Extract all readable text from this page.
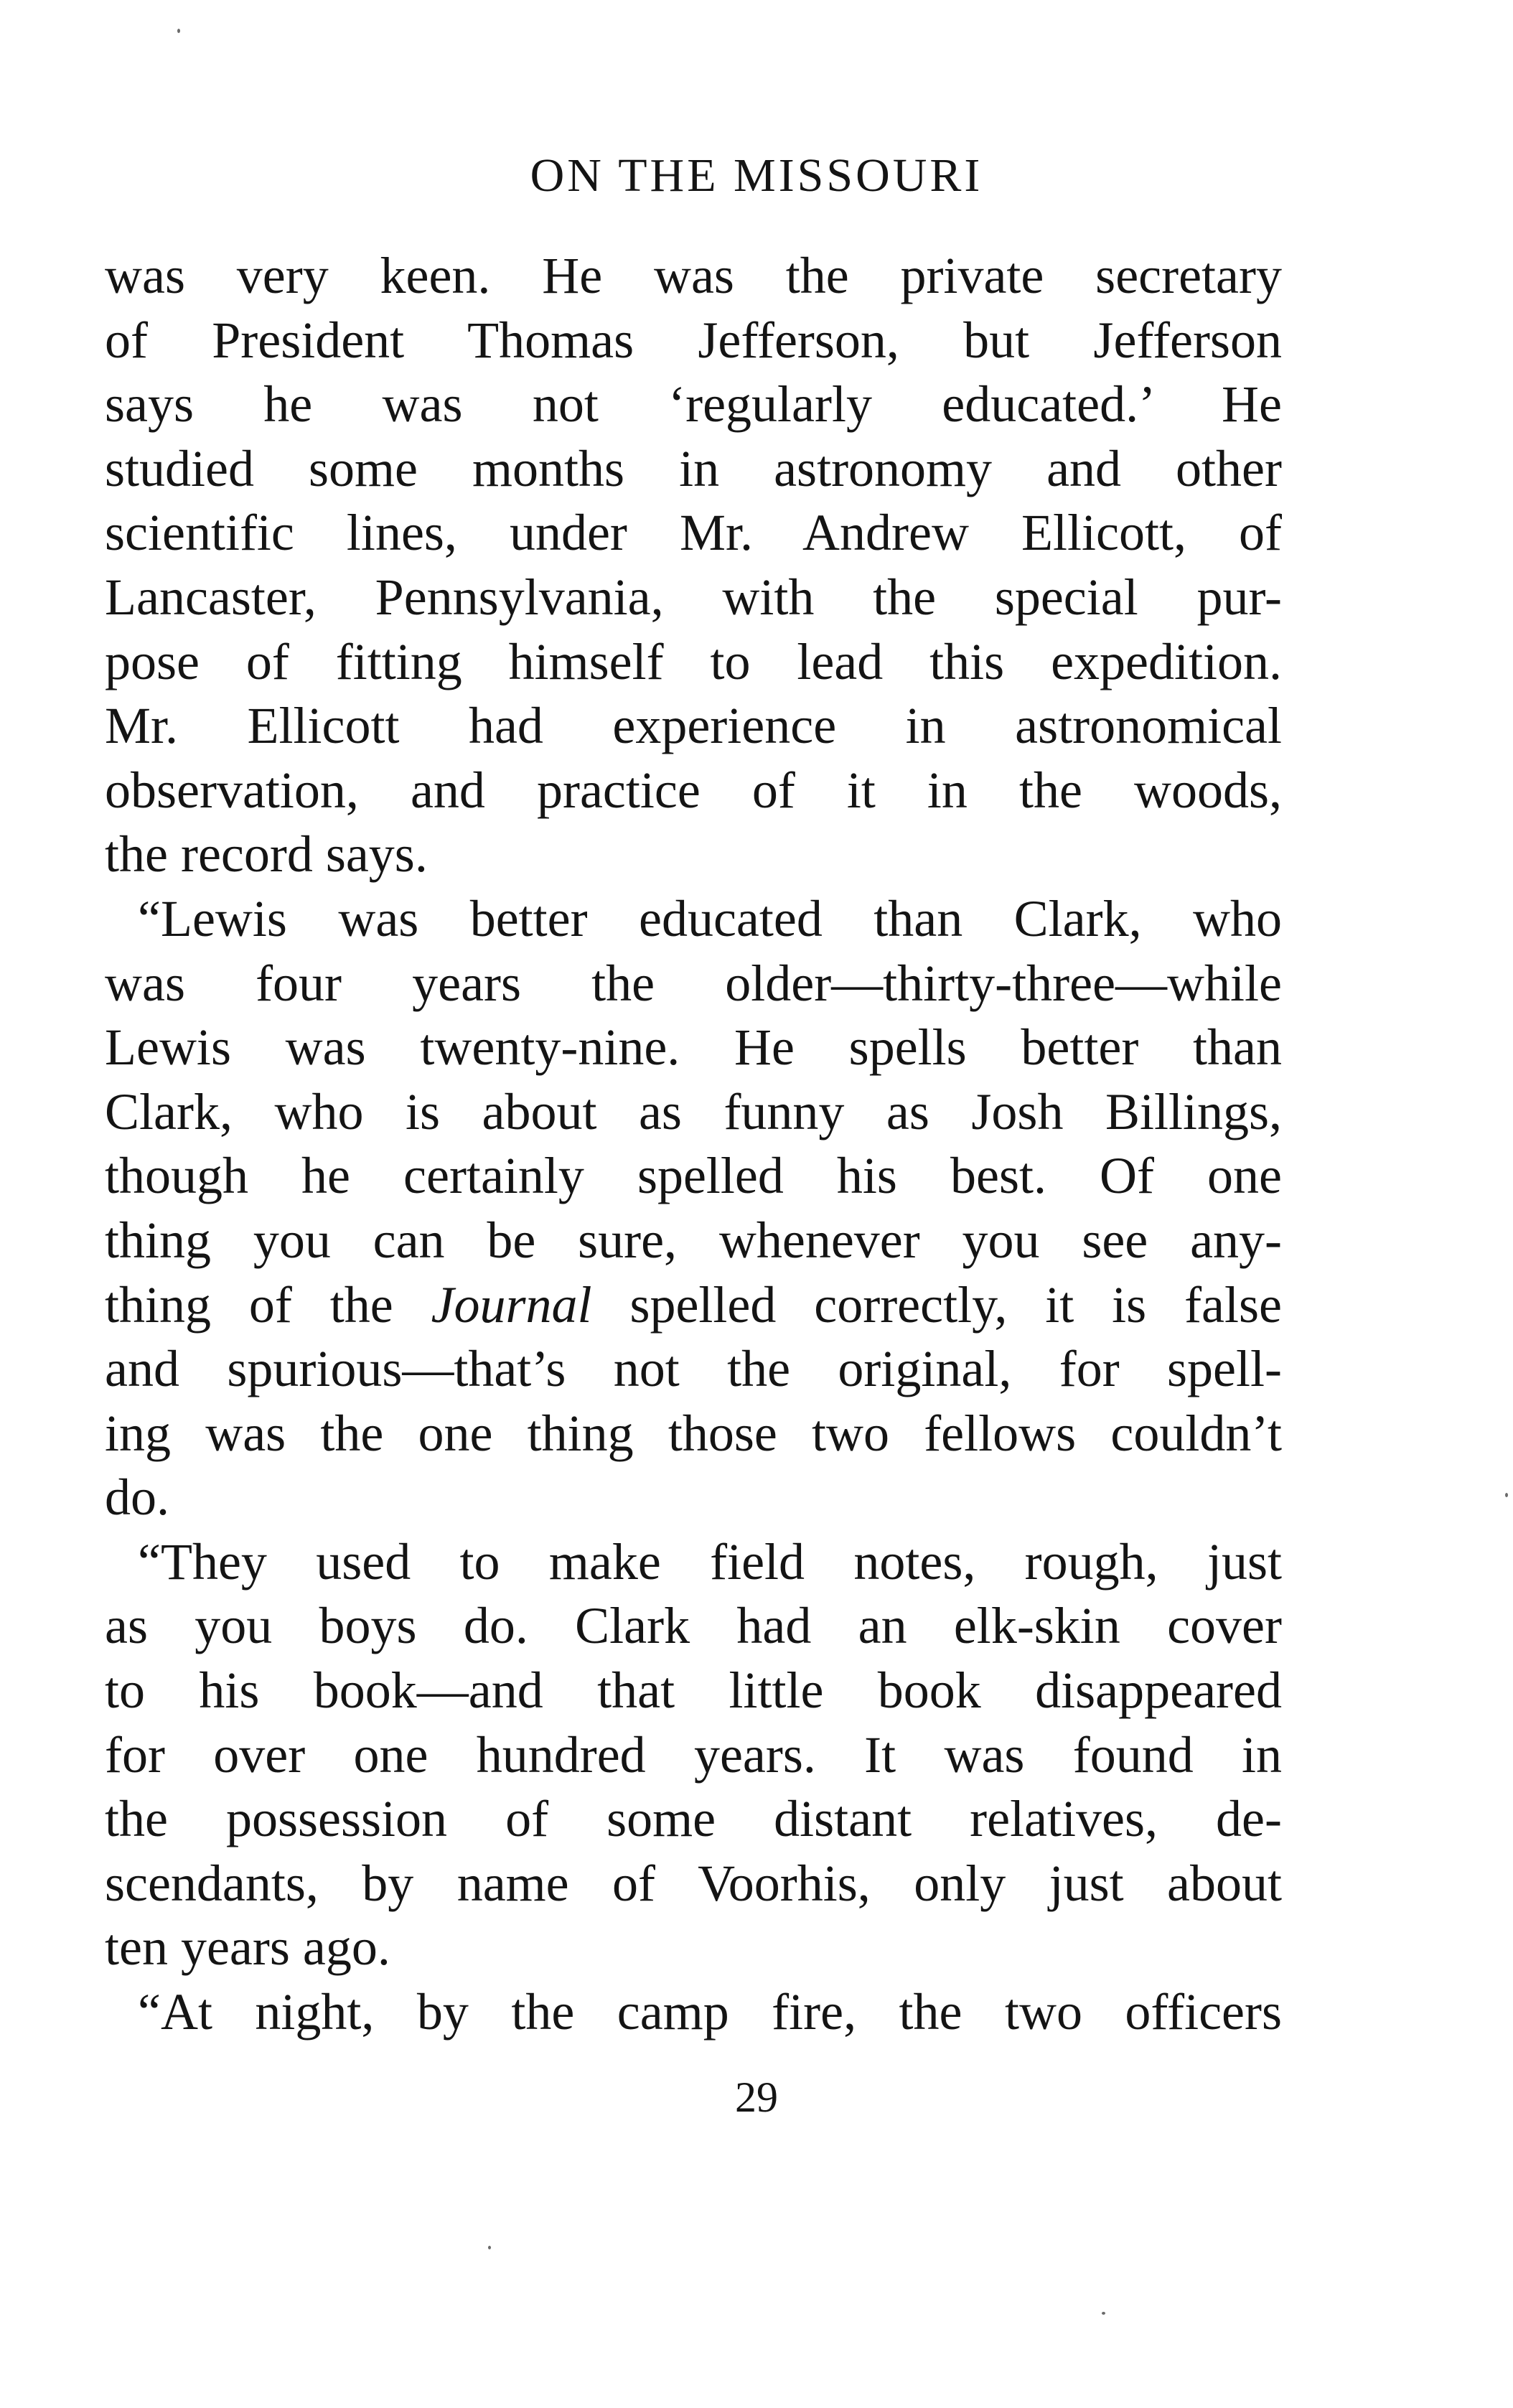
ON THE MISSOURI
was very keen. He was the private secretary
of President Thomas Jefferson, but Jefferson
says he was not ‘regularly educated.’ He
studied some months in astronomy and other
scientific lines, under Mr. Andrew Ellicott, of
Lancaster, Pennsylvania, with the special pur-
pose of fitting himself to lead this expedition.
Mr. Ellicott had experience in astronomical
observation, and practice of it in the woods,
the record says.
“Lewis was better educated than Clark, who
was four years the older—thirty-three—while
Lewis was twenty-nine. He spells better than
Clark, who is about as funny as Josh Billings,
though he certainly spelled his best. Of one
thing you can be sure, whenever you see any-
thing of the Journal spelled correctly, it is false
and spurious—that’s not the original, for spell-
ing was the one thing those two fellows couldn’t
do.
“They used to make field notes, rough, just
as you boys do. Clark had an elk-skin cover
to his book—and that little book disappeared
for over one hundred years. It was found in
the possession of some distant relatives, de-
scendants, by name of Voorhis, only just about
ten years ago.
“At night, by the camp fire, the two officers
29
